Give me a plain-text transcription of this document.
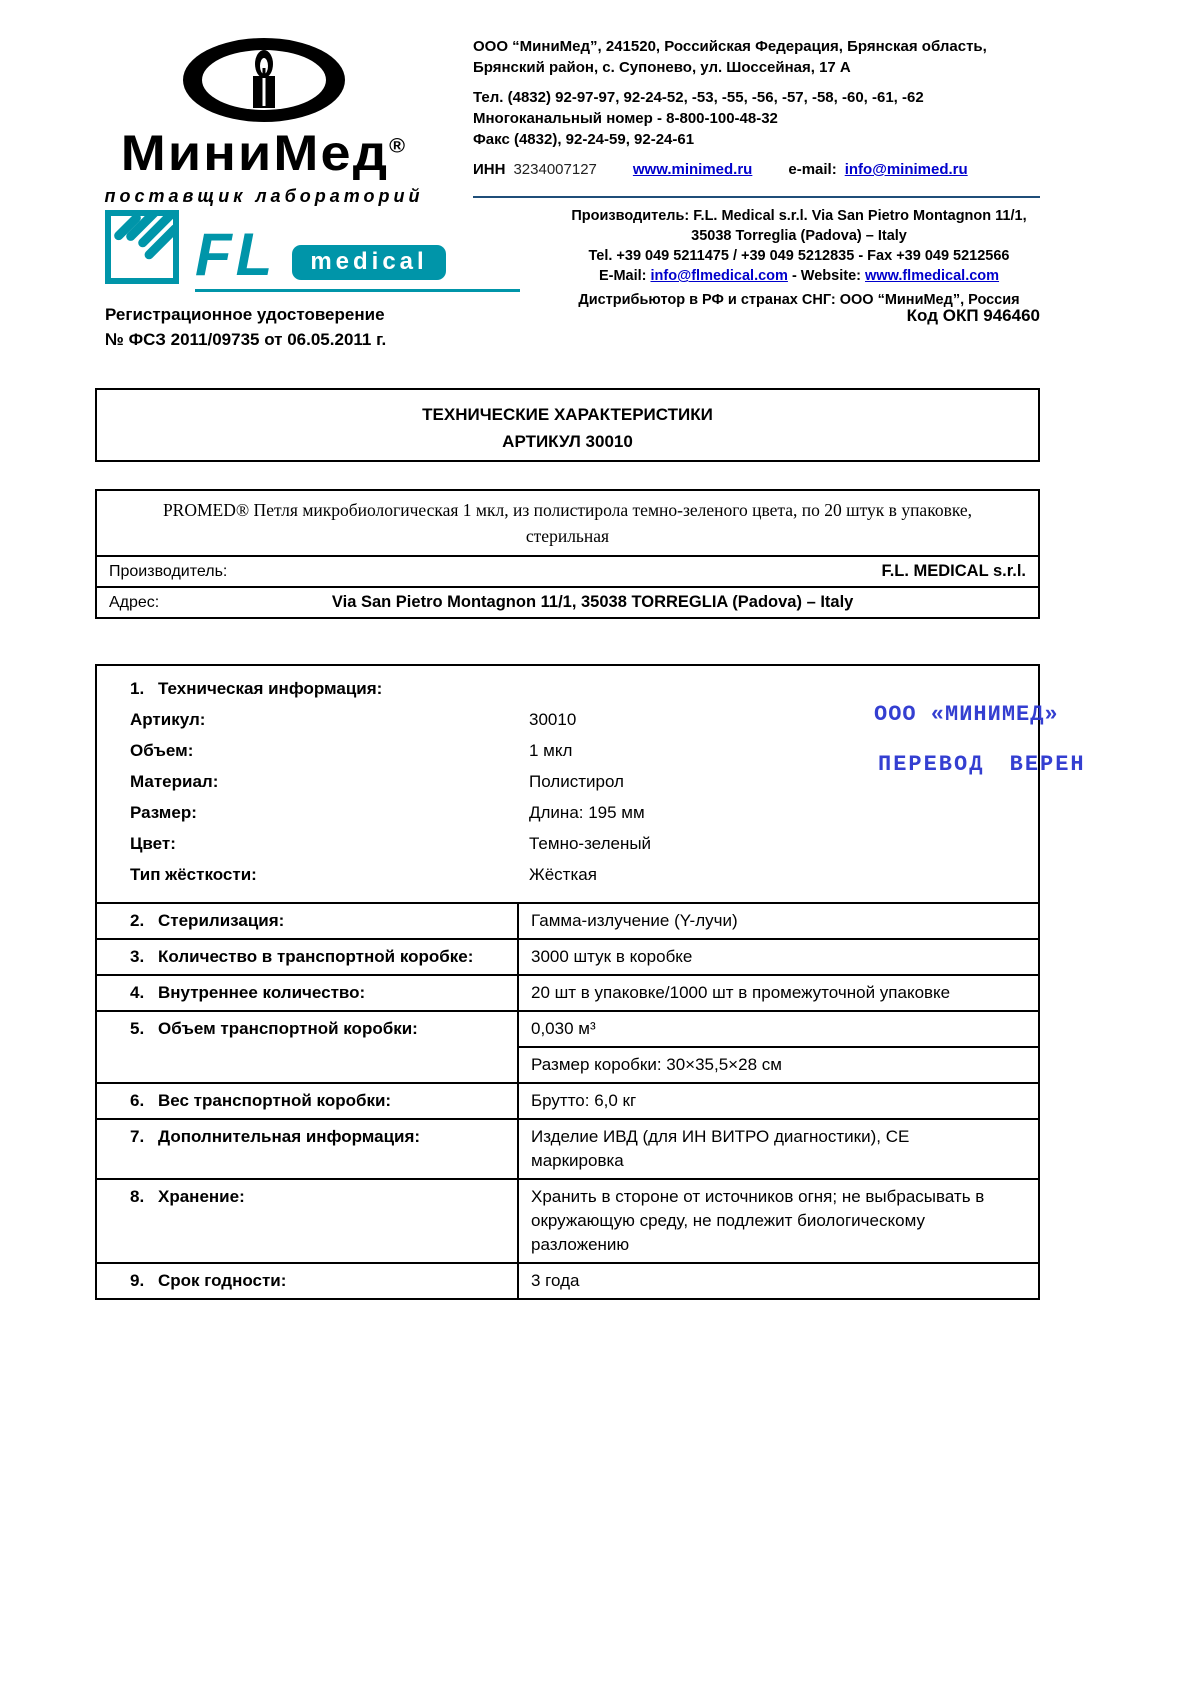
МиниМед®
поставщик лабораторий
ООО “МиниМед”, 241520, Российская Федерация, Брянская область,
Брянский район, с. Супонево, ул. Шоссейная, 17 А
Тел. (4832) 92-97-97, 92-24-52, -53, -55, -56, -57, -58, -60, -61, -62
Многоканальный номер - 8-800-100-48-32
Факс (4832), 92-24-59, 92-24-61
ИНН 3234007127 www.minimed.ru e-mail: info@minimed.ru
FL	medical
Производитель: F.L. Medical s.r.l. Via San Pietro Montagnon 11/1,
35038 Torreglia (Padova) – Italy
Tel. +39 049 5211475 / +39 049 5212835 - Fax +39 049 5212566
E-Mail: info@flmedical.com - Website: www.flmedical.com
Дистрибьютор в РФ и странах СНГ: ООО “МиниМед”, Россия
Регистрационное удостоверение
№ ФСЗ 2011/09735 от 06.05.2011 г.
Код ОКП 946460
ТЕХНИЧЕСКИЕ ХАРАКТЕРИСТИКИ
АРТИКУЛ 30010
PROMED® Петля микробиологическая 1 мкл, из полистирола темно-зеленого цвета, по 20 штук в упаковке,
стерильная
Производитель:	F.L. MEDICAL s.r.l.
Адрес:	Via San Pietro Montagnon 11/1, 35038 TORREGLIA (Padova) – Italy
1. Техническая информация:
Артикул:	30010
Объем:	1 мкл
Материал:	Полистирол
Размер:	Длина: 195 мм
Цвет:	Темно-зеленый
Тип жёсткости:	Жёсткая
2. Стерилизация:	Гамма-излучение (Y-лучи)
3. Количество в транспортной коробке:	3000 штук в коробке
4. Внутреннее количество:	20 шт в упаковке/1000 шт в промежуточной упаковке
5. Объем транспортной коробки:	0,030 м³
Размер коробки: 30×35,5×28 см
6. Вес транспортной коробки:	Брутто: 6,0 кг
7. Дополнительная информация:	Изделие ИВД (для ИН ВИТРО диагностики), СЕ
маркировка
8. Хранение:	Хранить в стороне от источников огня; не выбрасывать в
окружающую среду, не подлежит биологическому
разложению
9. Срок годности:	3 года
ООО «МИНИМЕД»
ПЕРЕВОД ВЕРЕН
